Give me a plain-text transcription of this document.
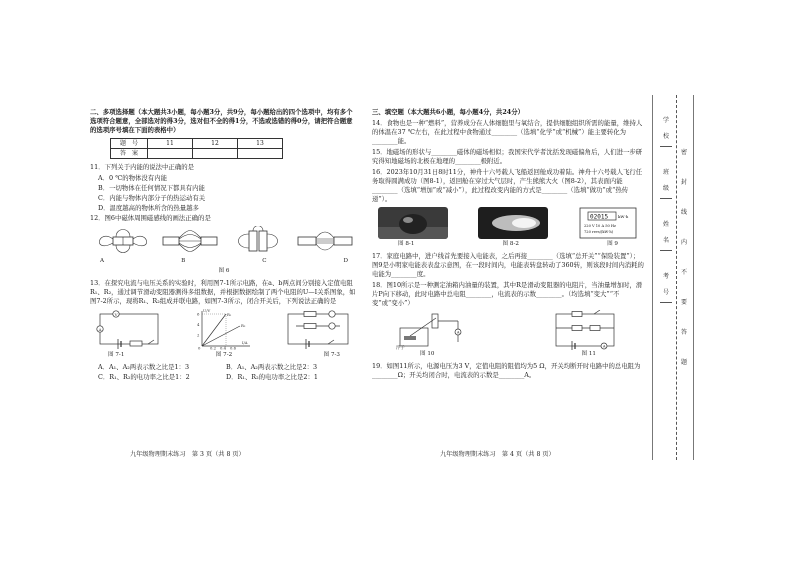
二、多项选择题（本大题共3小题，每小题3分，共9分，每小题给出的四个选项中，均有多个选项符合题意，全部选对的得3分，选对但不全的得1分，不选或选错的得0分，请把符合题意的选项序号填在下面的表格中）

题　号	11	12	13
答　案			

11．下列关于内能的说法中正确的是

A．0 ℃的物体没有内能

B．一切物体在任何情况下都具有内能

C．内能与物体内部分子的热运动有关

D．温度越高的物体所含的热量越多

12．图6中磁体周围磁感线的画法正确的是

A	B	C	D
图 6

13．在探究电流与电压关系的实验时，利用图7-1所示电路，在a、b两点间分别接入定值电阻R₁、R₂，通过调节滑动变阻器测得多组数据，并根据数据绘制了两个电阻的U—I关系图象，如图7-2所示，现将R₁、R₂组成并联电路，如图7-3所示，闭合开关后，下列说法正确的是

V
A
U/V
I/A
6
4
2
0	0.2 0.4 0.6
R₁
R₂
图 7-1	图 7-2	图 7-3
A．A₁、A₂两表示数之比是1：3	B．A₁、A₂两表示数之比是2：3
C．R₁、R₂的电功率之比是1：2	D．R₁、R₂的电功率之比是2：1
九年级物理期末练习　第 3 页（共 8 页）

三、填空题（本大题共6小题，每小题4分，共24分）

14．食物也是一种“燃料”，营养成分在人体细胞里与氧结合，提供细胞组织所需的能量，维持人的体温在37 ℃左右，在此过程中食物通过________（选填“化学”或“机械”）能主要转化为________能。

15．地磁场的形状与________磁体的磁场相似；我国宋代学者沈括发现磁偏角后，人们进一步研究得知地磁场的北极在地理的________极附近。

16．2023年10月31日8时11分，神舟十六号载人飞船返回舱成功着陆。神舟十六号载人飞行任务取得圆满成功（图8-1），返回舱在穿过大气层时，产生熊熊大火（图8-2），其表面内能________（选填“增加”或“减小”），此过程改变内能的方式是________（选填“做功”或“热传递”）。

02015 kW·h
220 V 10 A 50 Hz
720 revs/(kW·h)
图 8-1	图 8-2	图 9

17．家庭电路中，进户线首先要接入电能表，之后再接________（选填“总开关”“保险装置”）；图9是小明家电能表表盘示意图，在一段时间内，电能表转盘转动了360转，则该段时间内消耗的电能为________度。

18．图10所示是一种测定油箱内油量的装置，其中R是滑动变阻器的电阻片，当油量增加时，滑片P向下移动，此时电路中总电阻________，电流表的示数________。（均选填“变大”“不变”或“变小”）

A
浮子	A
图 10	图 11

19．如图11所示，电源电压为3 V，定值电阻的阻值均为5 Ω，开关均断开时电路中的总电阻为________Ω；开关均闭合时，电流表的示数是________A。

九年级物理期末练习　第 4 页（共 8 页）
学
校
班
级
姓
名
考
号
密
封
线
内
不
要
答
题
